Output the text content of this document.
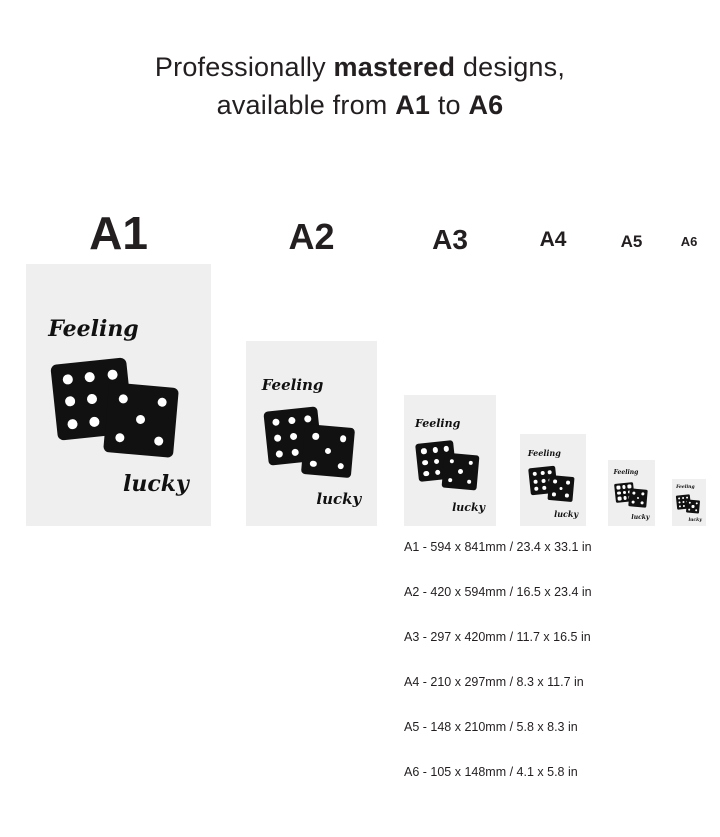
Professionally mastered designs,
available from A1 to A6
A1
Feeling
lucky
A2
Feeling
lucky
A3
Feeling
lucky
A4
Feeling
lucky
A5
Feeling
lucky
A6
Feeling
lucky
A1 - 594 x 841mm / 23.4 x 33.1 in
A2 - 420 x 594mm / 16.5 x 23.4 in
A3 - 297 x 420mm / 11.7 x 16.5 in
A4 - 210 x 297mm / 8.3 x 11.7 in
A5 - 148 x 210mm / 5.8 x 8.3 in
A6 - 105 x 148mm / 4.1 x 5.8 in
